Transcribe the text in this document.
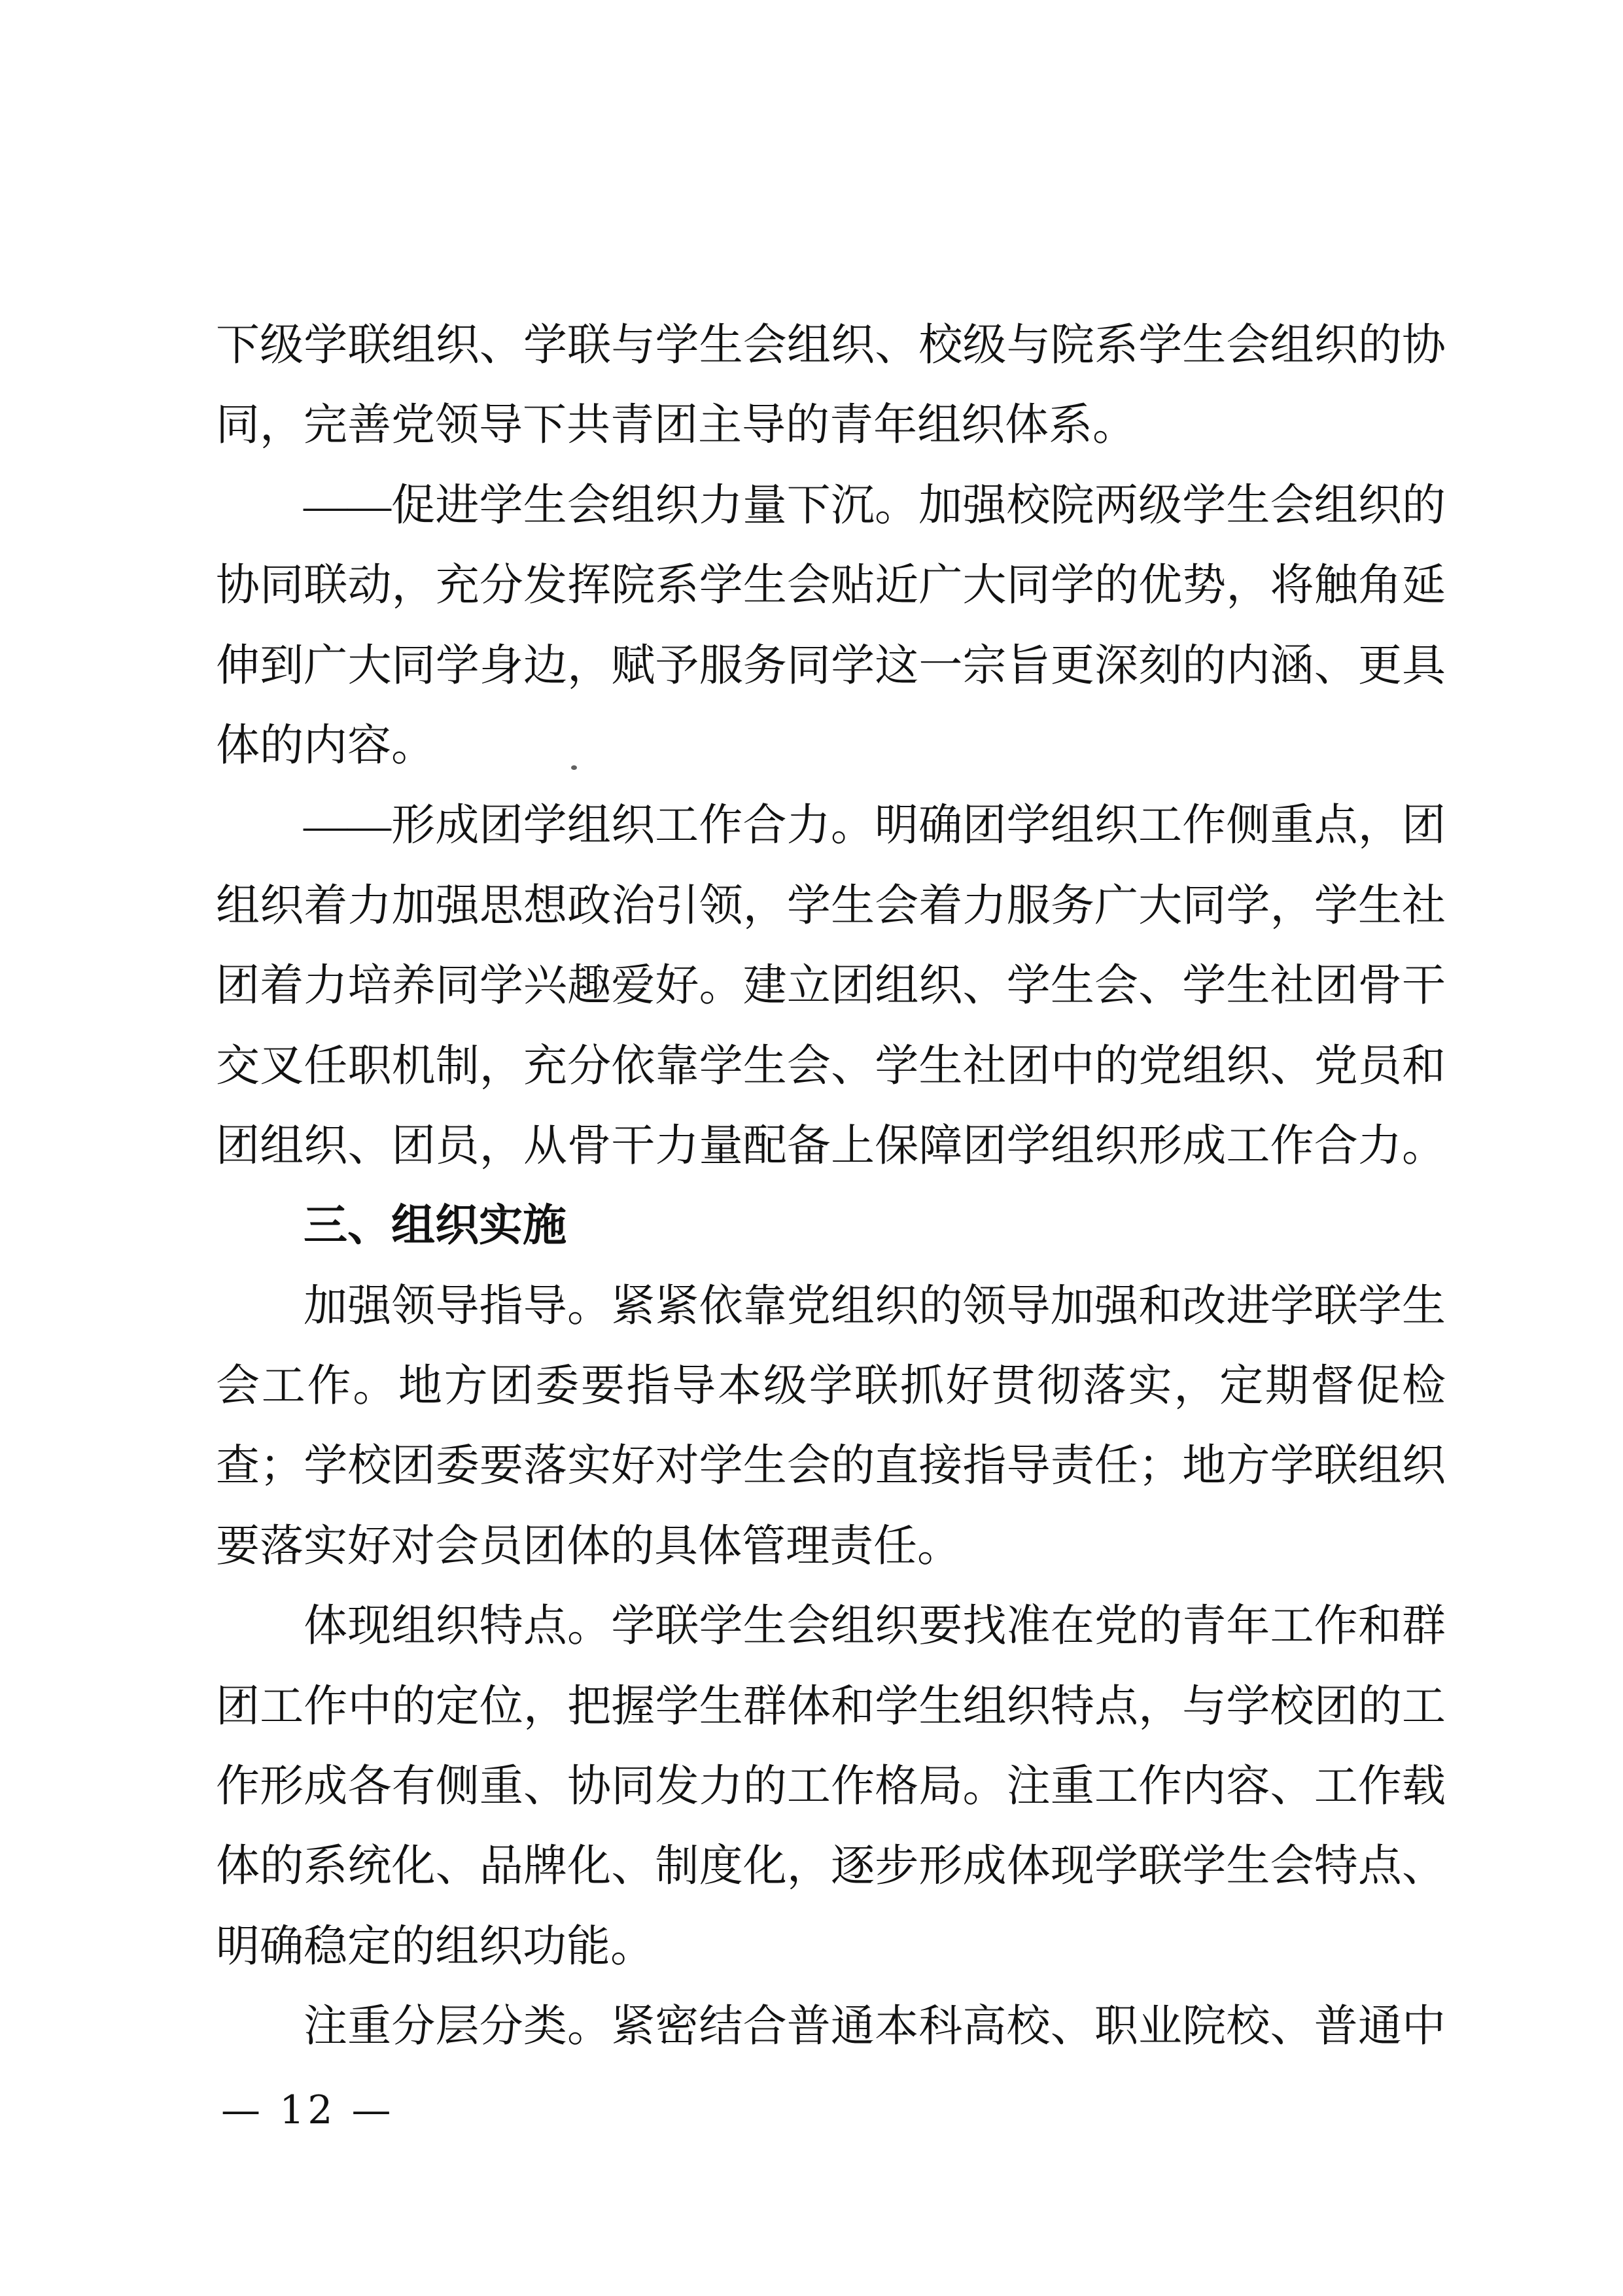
下级学联组织、学联与学生会组织、校级与院系学生会组织的协
同，完善党领导下共青团主导的青年组织体系。
——促进学生会组织力量下沉。加强校院两级学生会组织的
协同联动，充分发挥院系学生会贴近广大同学的优势，将触角延
伸到广大同学身边，赋予服务同学这一宗旨更深刻的内涵、更具
体的内容。
——形成团学组织工作合力。明确团学组织工作侧重点，团
组织着力加强思想政治引领，学生会着力服务广大同学，学生社
团着力培养同学兴趣爱好。建立团组织、学生会、学生社团骨干
交叉任职机制，充分依靠学生会、学生社团中的党组织、党员和
团组织、团员，从骨干力量配备上保障团学组织形成工作合力。
三、组织实施
加强领导指导。紧紧依靠党组织的领导加强和改进学联学生
会工作。地方团委要指导本级学联抓好贯彻落实，定期督促检
查；学校团委要落实好对学生会的直接指导责任；地方学联组织
要落实好对会员团体的具体管理责任。
体现组织特点。学联学生会组织要找准在党的青年工作和群
团工作中的定位，把握学生群体和学生组织特点，与学校团的工
作形成各有侧重、协同发力的工作格局。注重工作内容、工作载
体的系统化、品牌化、制度化，逐步形成体现学联学生会特点、
明确稳定的组织功能。
注重分层分类。紧密结合普通本科高校、职业院校、普通中
— 12 —
